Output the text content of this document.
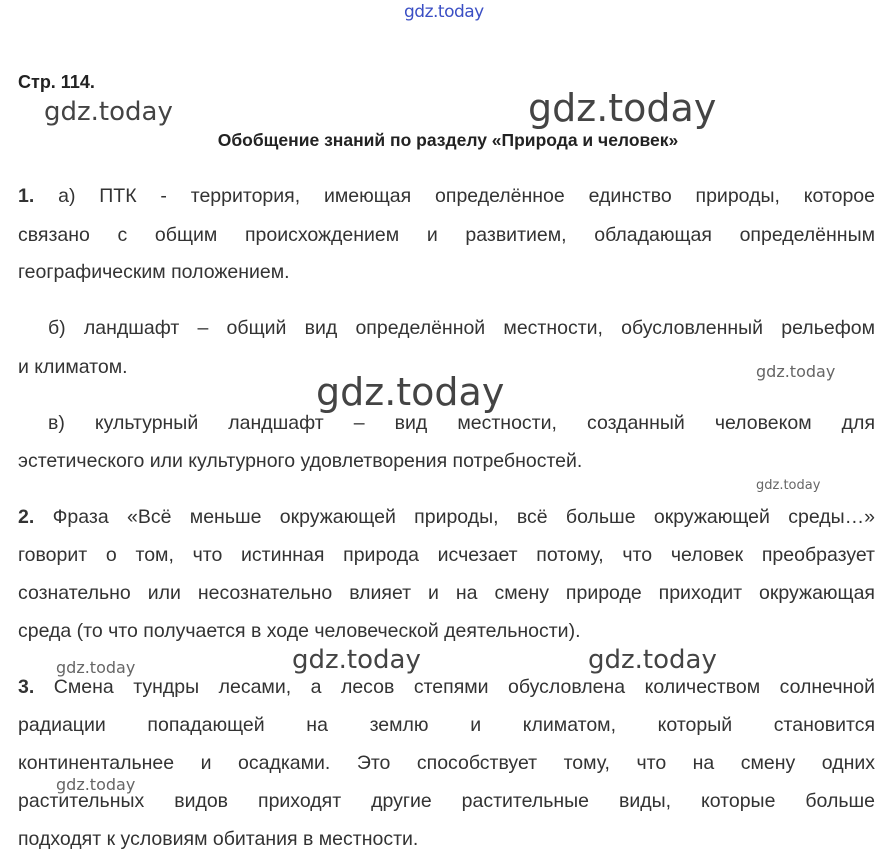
gdz.today
gdz.today	gdz.today
gdz.today	gdz.today
gdz.today
gdz.today	gdz.today	gdz.today
gdz.today
Стр. 114.
Обобщение знаний по разделу «Природа и человек»
1. а) ПТК - территория, имеющая определённое единство природы, которое
связано с общим происхождением и развитием, обладающая определённым
географическим положением.
б) ландшафт – общий вид определённой местности, обусловленный рельефом
и климатом.
в) культурный ландшафт – вид местности, созданный человеком для
эстетического или культурного удовлетворения потребностей.
2. Фраза «Всё меньше окружающей природы, всё больше окружающей среды…»
говорит о том, что истинная природа исчезает потому, что человек преобразует
сознательно или несознательно влияет и на смену природе приходит окружающая
среда (то что получается в ходе человеческой деятельности).
3. Смена тундры лесами, а лесов степями обусловлена количеством солнечной
радиации попадающей на землю и климатом, который становится
континентальнее и осадками. Это способствует тому, что на смену одних
растительных видов приходят другие растительные виды, которые больше
подходят к условиям обитания в местности.
